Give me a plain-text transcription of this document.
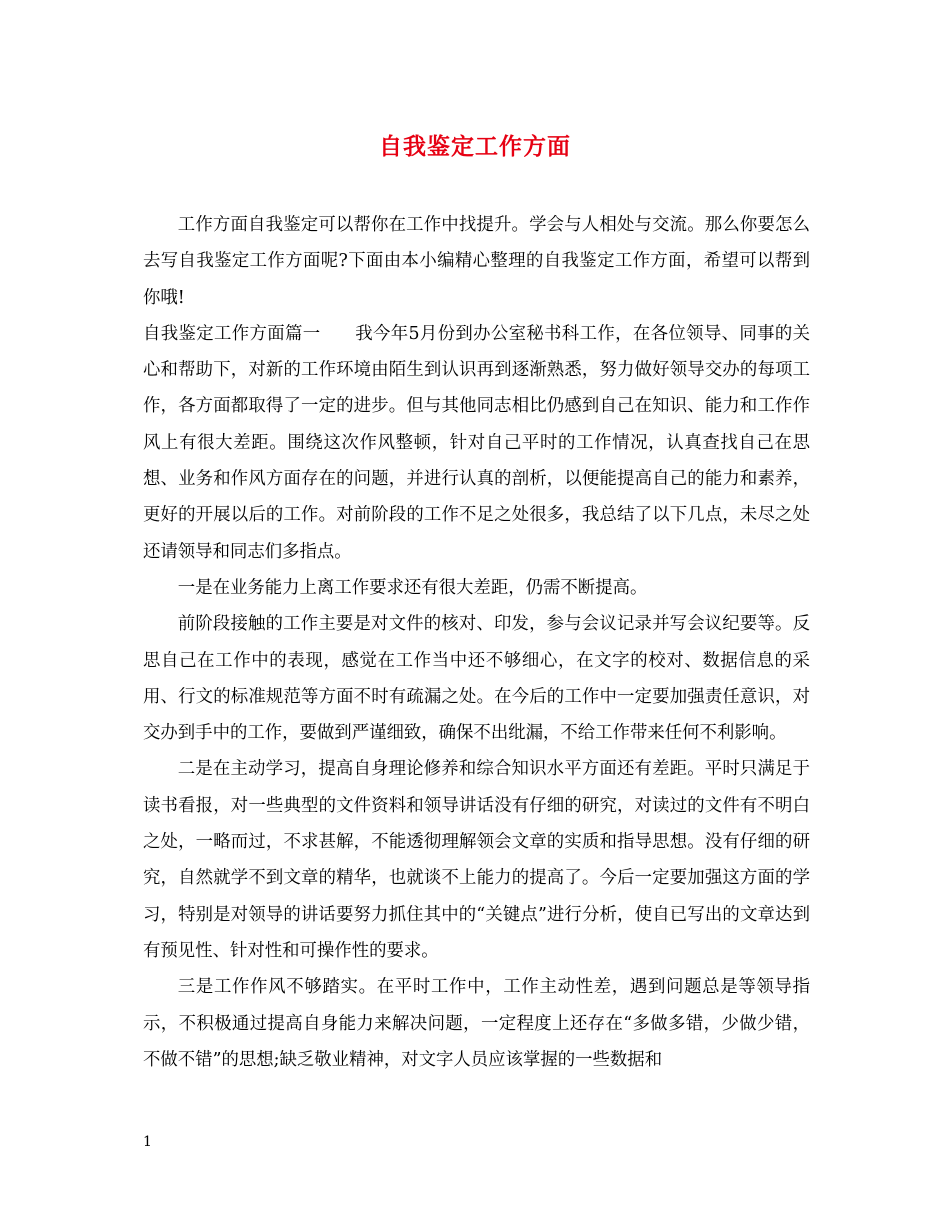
自我鉴定工作方面

工作方面自我鉴定可以帮你在工作中找提升。学会与人相处与交流。那么你要怎么去写自我鉴定工作方面呢?下面由本小编精心整理的自我鉴定工作方面，希望可以帮到你哦!

自我鉴定工作方面篇一 我今年5月份到办公室秘书科工作，在各位领导、同事的关心和帮助下，对新的工作环境由陌生到认识再到逐渐熟悉，努力做好领导交办的每项工作，各方面都取得了一定的进步。但与其他同志相比仍感到自己在知识、能力和工作作风上有很大差距。围绕这次作风整顿，针对自己平时的工作情况，认真查找自己在思想、业务和作风方面存在的问题，并进行认真的剖析，以便能提高自己的能力和素养，更好的开展以后的工作。对前阶段的工作不足之处很多，我总结了以下几点，未尽之处还请领导和同志们多指点。

一是在业务能力上离工作要求还有很大差距，仍需不断提高。

前阶段接触的工作主要是对文件的核对、印发，参与会议记录并写会议纪要等。反思自己在工作中的表现，感觉在工作当中还不够细心，在文字的校对、数据信息的采用、行文的标准规范等方面不时有疏漏之处。在今后的工作中一定要加强责任意识，对交办到手中的工作，要做到严谨细致，确保不出纰漏，不给工作带来任何不利影响。

二是在主动学习，提高自身理论修养和综合知识水平方面还有差距。平时只满足于读书看报，对一些典型的文件资料和领导讲话没有仔细的研究，对读过的文件有不明白之处，一略而过，不求甚解，不能透彻理解领会文章的实质和指导思想。没有仔细的研究，自然就学不到文章的精华，也就谈不上能力的提高了。今后一定要加强这方面的学习，特别是对领导的讲话要努力抓住其中的“关键点”进行分析，使自已写出的文章达到有预见性、针对性和可操作性的要求。

三是工作作风不够踏实。在平时工作中，工作主动性差，遇到问题总是等领导指示，不积极通过提高自身能力来解决问题，一定程度上还存在“多做多错，少做少错，不做不错”的思想;缺乏敬业精神，对文字人员应该掌握的一些数据和

1
